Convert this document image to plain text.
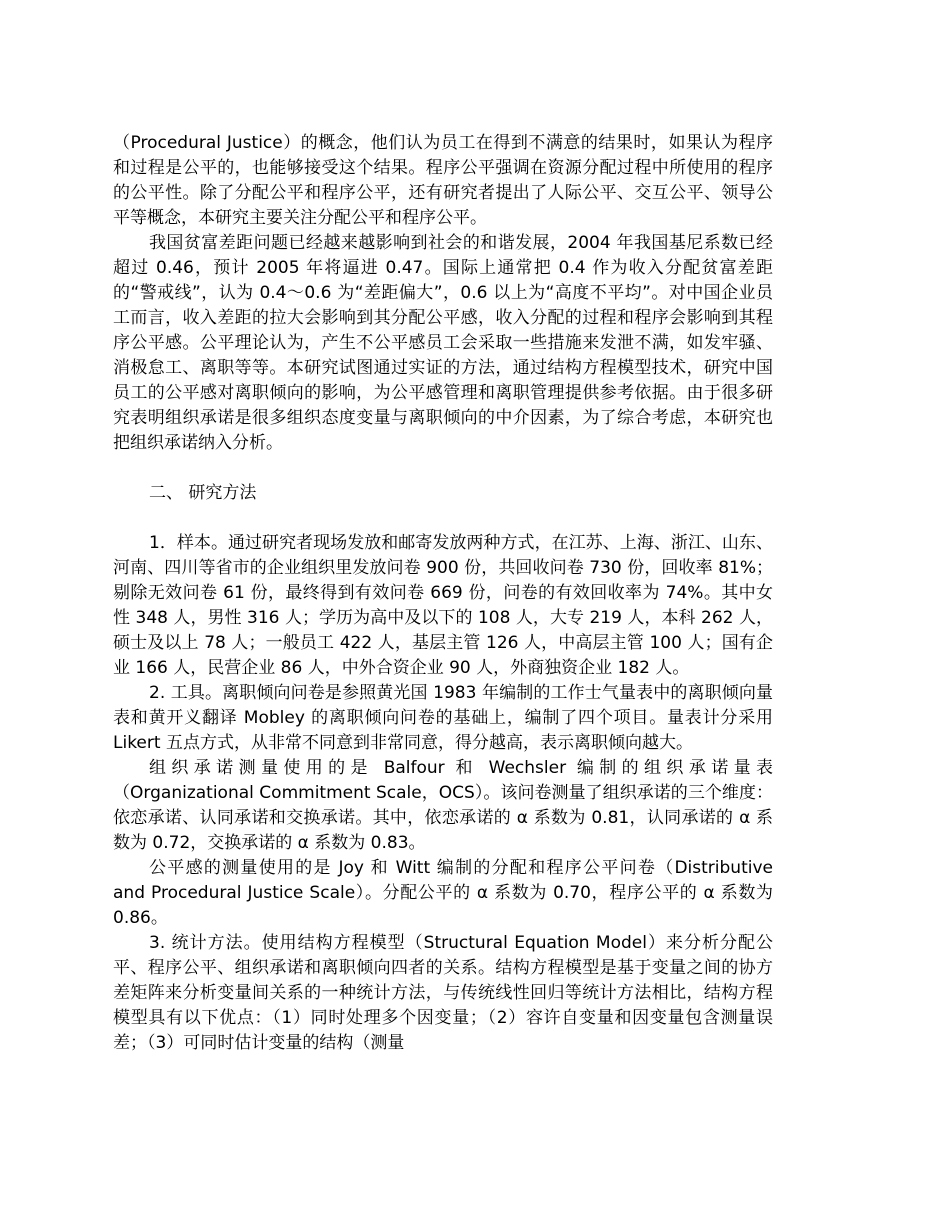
（Procedural Justice）的概念，他们认为员工在得到不满意的结果时，如果认为程序和过程是公平的，也能够接受这个结果。程序公平强调在资源分配过程中所使用的程序的公平性。除了分配公平和程序公平，还有研究者提出了人际公平、交互公平、领导公平等概念，本研究主要关注分配公平和程序公平。

我国贫富差距问题已经越来越影响到社会的和谐发展，2004 年我国基尼系数已经超过 0.46，预计 2005 年将逼进 0.47。国际上通常把 0.4 作为收入分配贫富差距的“警戒线”，认为 0.4～0.6 为“差距偏大”，0.6 以上为“高度不平均”。对中国企业员工而言，收入差距的拉大会影响到其分配公平感，收入分配的过程和程序会影响到其程序公平感。公平理论认为，产生不公平感员工会采取一些措施来发泄不满，如发牢骚、消极怠工、离职等等。本研究试图通过实证的方法，通过结构方程模型技术，研究中国员工的公平感对离职倾向的影响，为公平感管理和离职管理提供参考依据。由于很多研究表明组织承诺是很多组织态度变量与离职倾向的中介因素，为了综合考虑，本研究也把组织承诺纳入分析。

二、 研究方法

1．样本。通过研究者现场发放和邮寄发放两种方式，在江苏、上海、浙江、山东、河南、四川等省市的企业组织里发放问卷 900 份，共回收问卷 730 份，回收率 81%；剔除无效问卷 61 份，最终得到有效问卷 669 份，问卷的有效回收率为 74%。其中女性 348 人，男性 316 人；学历为高中及以下的 108 人，大专 219 人，本科 262 人，硕士及以上 78 人；一般员工 422 人，基层主管 126 人，中高层主管 100 人；国有企业 166 人，民营企业 86 人，中外合资企业 90 人，外商独资企业 182 人。

2. 工具。离职倾向问卷是参照黄光国 1983 年编制的工作士气量表中的离职倾向量表和黄开义翻译 Mobley 的离职倾向问卷的基础上，编制了四个项目。量表计分采用 Likert 五点方式，从非常不同意到非常同意，得分越高，表示离职倾向越大。

组织承诺测量使用的是 Balfour 和 Wechsler 编制的组织承诺量表（Organizational Commitment Scale，OCS）。该问卷测量了组织承诺的三个维度：依恋承诺、认同承诺和交换承诺。其中，依恋承诺的 α 系数为 0.81，认同承诺的 α 系数为 0.72，交换承诺的 α 系数为 0.83。

公平感的测量使用的是 Joy 和 Witt 编制的分配和程序公平问卷（Distributive and Procedural Justice Scale）。分配公平的 α 系数为 0.70，程序公平的 α 系数为 0.86。

3. 统计方法。使用结构方程模型（Structural Equation Model）来分析分配公平、程序公平、组织承诺和离职倾向四者的关系。结构方程模型是基于变量之间的协方差矩阵来分析变量间关系的一种统计方法，与传统线性回归等统计方法相比，结构方程模型具有以下优点：（1）同时处理多个因变量；（2）容许自变量和因变量包含测量误差；（3）可同时估计变量的结构（测量
